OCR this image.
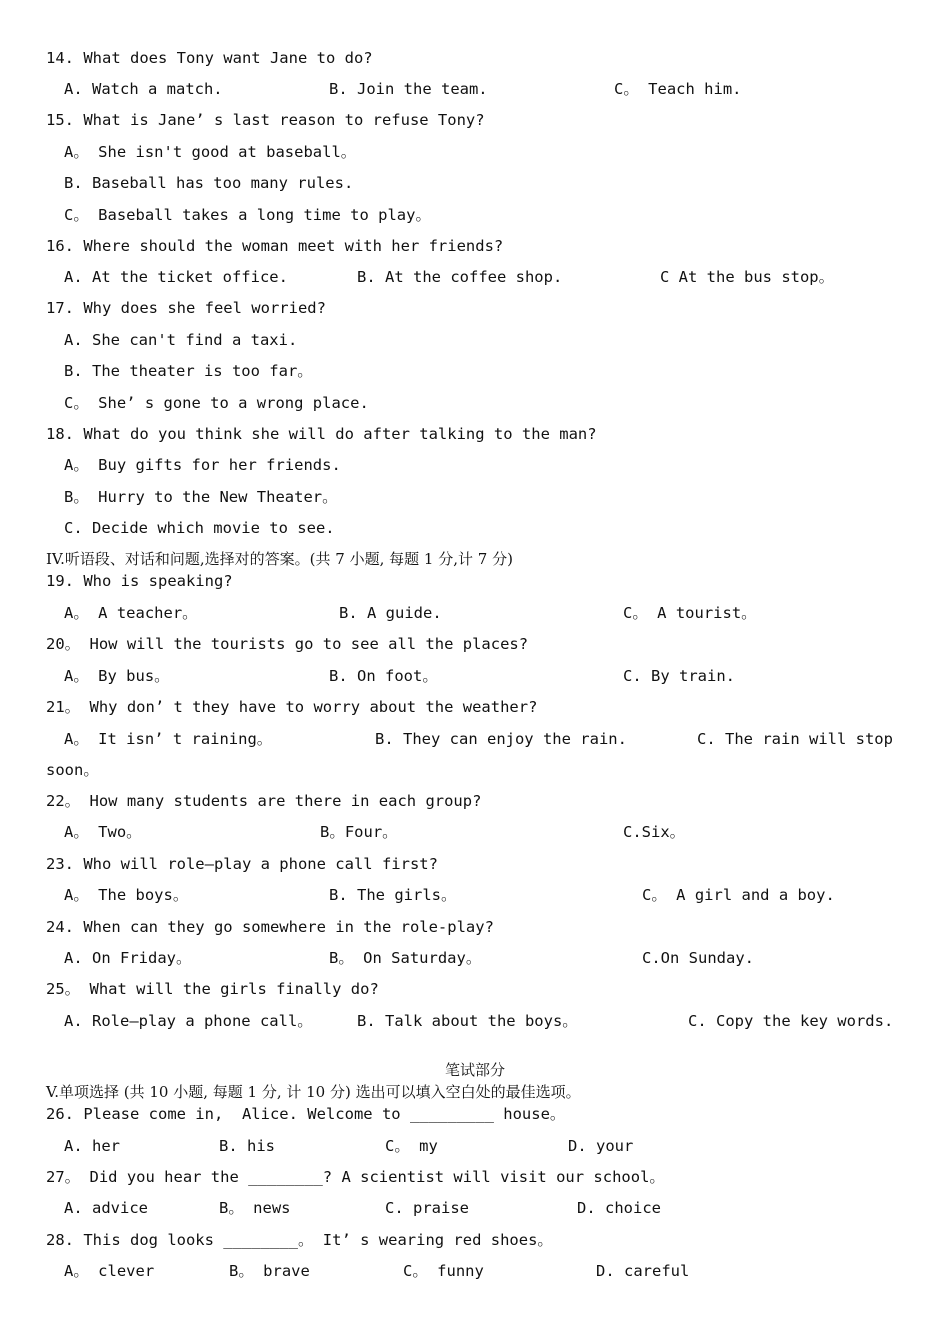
14. What does Tony want Jane to do?
A. Watch a match.	B. Join the team.	C。 Teach him.
15. What is Jane’ s last reason to refuse Tony?
A。 She isn't good at baseball。
B. Baseball has too many rules.
C。 Baseball takes a long time to play。
16. Where should the woman meet with her friends?
A. At the ticket office.	B. At the coffee shop.	C At the bus stop。
17. Why does she feel worried?
A. She can't find a taxi.
B. The theater is too far。
C。 She’ s gone to a wrong place.
18. What do you think she will do after talking to the man?
A。 Buy gifts for her friends.
B。 Hurry to the New Theater。
C. Decide which movie to see.
IV.听语段、对话和问题,选择对的答案。(共 7 小题, 每题 1 分,计 7 分)
19. Who is speaking?
A。 A teacher。	B. A guide.	C。 A tourist。
20。 How will the tourists go to see all the places?
A。 By bus。	B. On foot。	C. By train.
21。 Why don’ t they have to worry about the weather?
A。 It isn’ t raining。	B. They can enjoy the rain.	C. The rain will stop
soon。
22。 How many students are there in each group?
A。 Two。	B。Four。	C.Six。
23. Who will role—play a phone call first?
A。 The boys。	B. The girls。	C。 A girl and a boy.
24. When can they go somewhere in the role-play?
A. On Friday。	B。 On Saturday。	C.On Sunday.
25。 What will the girls finally do?
A. Role—play a phone call。	B. Talk about the boys。	C. Copy the key words.
笔试部分
V.单项选择 (共 10 小题, 每题 1 分, 计 10 分) 选出可以填入空白处的最佳选项。
26. Please come in,  Alice. Welcome to _________ house。
A. her	B. his	C。 my	D. your
27。 Did you hear the ________? A scientist will visit our school。
A. advice	B。 news	C. praise	D. choice
28. This dog looks ________。 It’ s wearing red shoes。
A。 clever	B。 brave	C。 funny	D. careful
